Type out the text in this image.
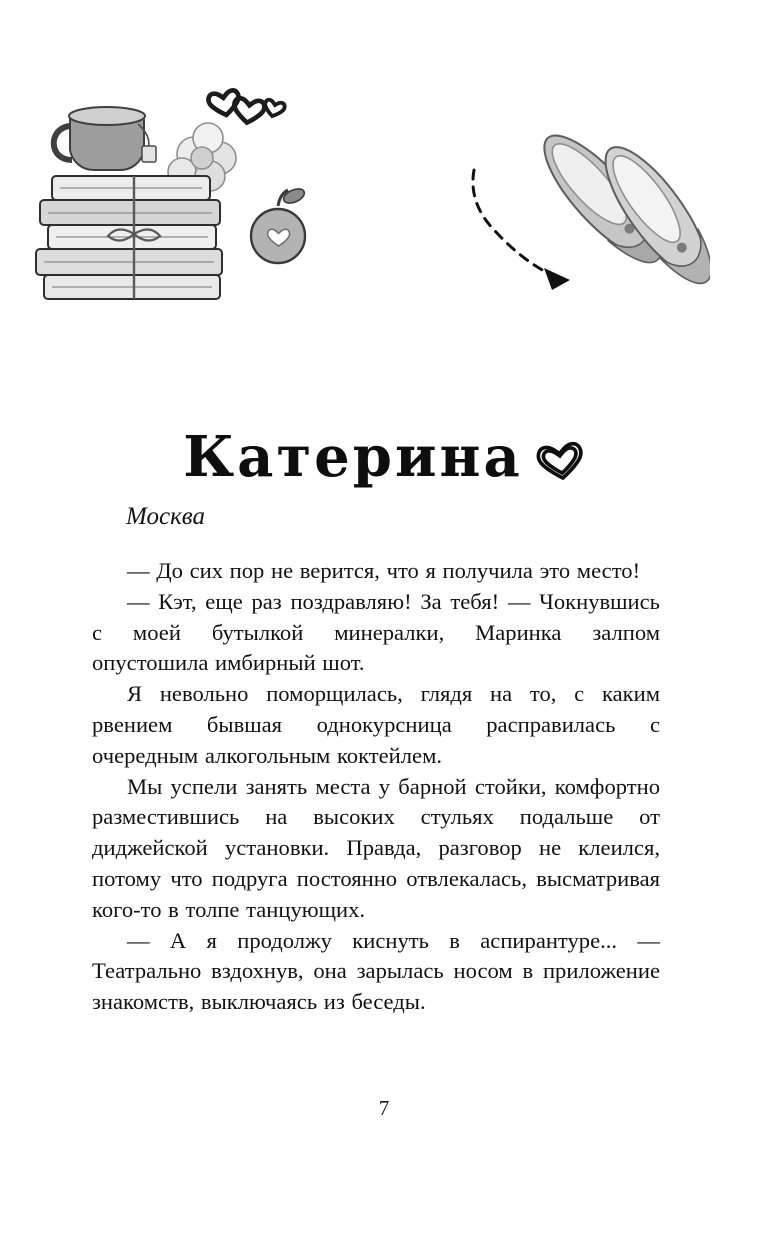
Катерина
Москва

— До сих пор не верится, что я получила это место!

— Кэт, еще раз поздравляю! За тебя! — Чокнувшись с моей бутылкой минералки, Маринка залпом опустошила имбирный шот.

Я невольно поморщилась, глядя на то, с каким рвением бывшая однокурсница расправилась с очередным алкогольным коктейлем.

Мы успели занять места у барной стойки, комфортно разместившись на высоких стульях подальше от диджейской установки. Правда, разговор не клеился, потому что подруга постоянно отвлекалась, высматривая кого-то в толпе танцующих.

— А я продолжу киснуть в аспирантуре... — Театрально вздохнув, она зарылась носом в приложение знакомств, выключаясь из беседы.

7
